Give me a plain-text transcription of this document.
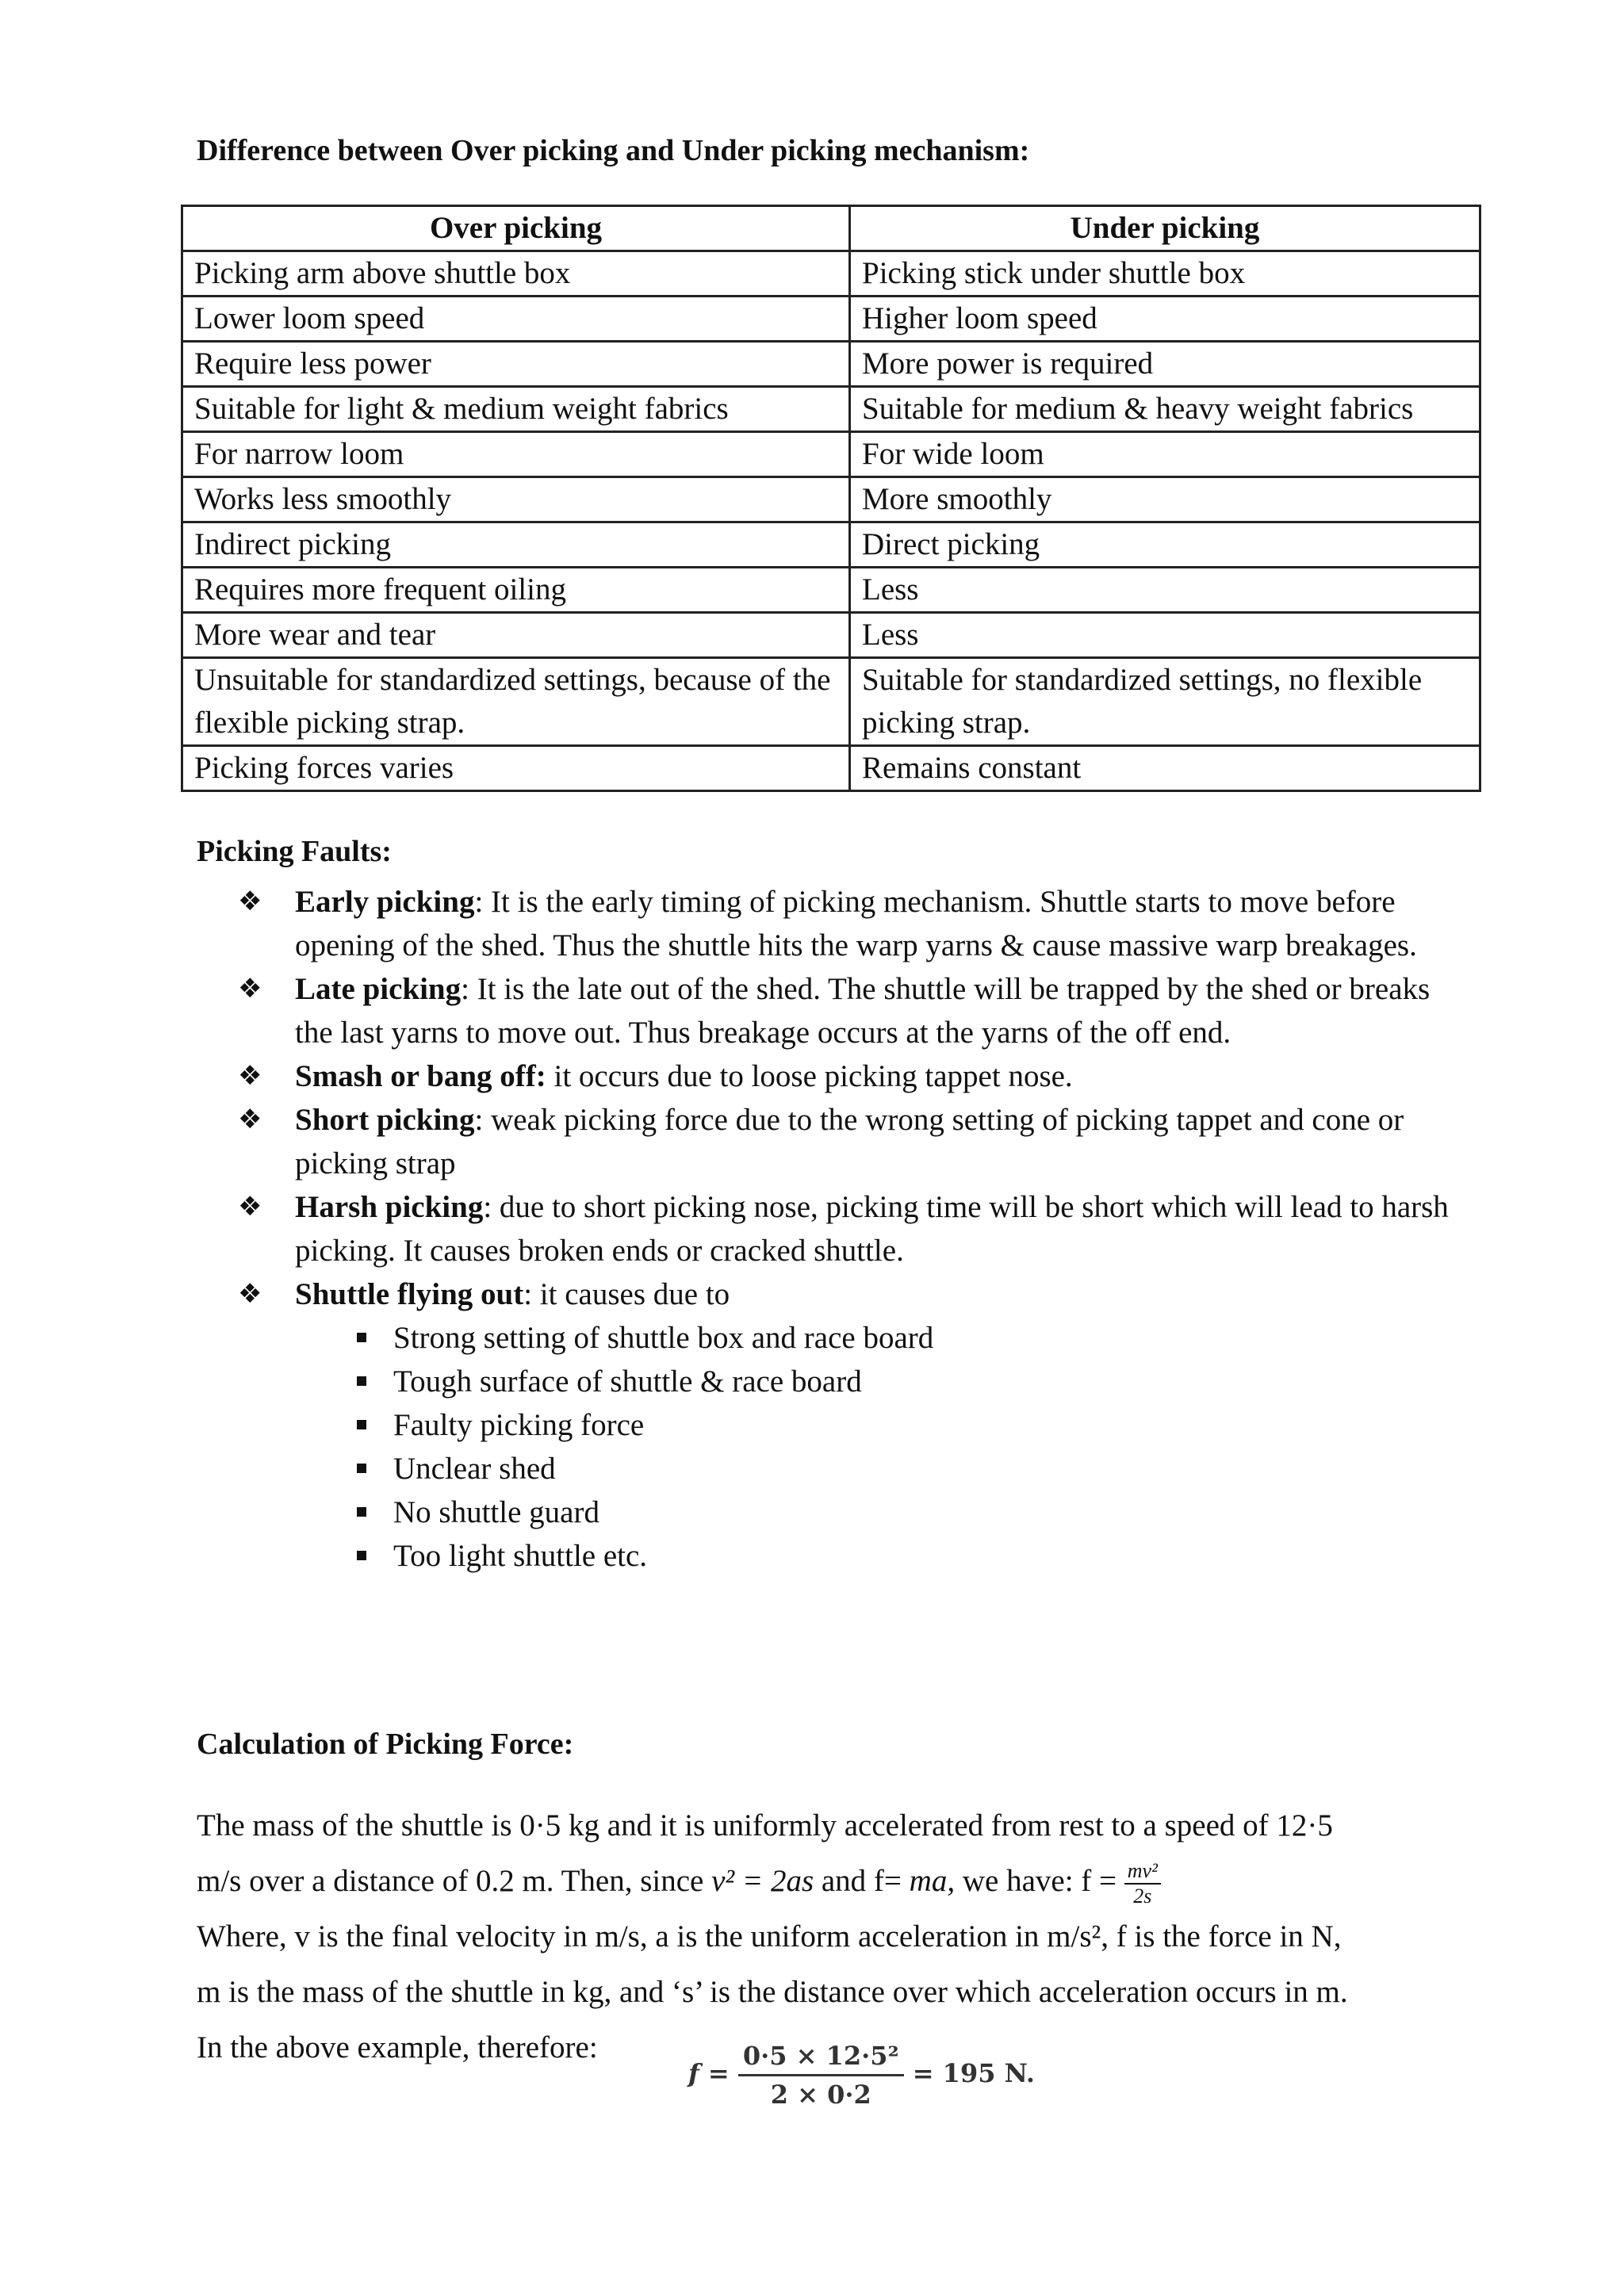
Difference between Over picking and Under picking mechanism:
Over picking	Under picking
Picking arm above shuttle box	Picking stick under shuttle box
Lower loom speed	Higher loom speed
Require less power	More power is required
Suitable for light & medium weight fabrics	Suitable for medium & heavy weight fabrics
For narrow loom	For wide loom
Works less smoothly	More smoothly
Indirect picking	Direct picking
Requires more frequent oiling	Less
More wear and tear	Less
Unsuitable for standardized settings, because of the flexible picking strap.	Suitable for standardized settings, no flexible picking strap.
Picking forces varies	Remains constant
Picking Faults:
❖ Early picking: It is the early timing of picking mechanism. Shuttle starts to move before opening of the shed. Thus the shuttle hits the warp yarns & cause massive warp breakages.
❖ Late picking: It is the late out of the shed. The shuttle will be trapped by the shed or breaks the last yarns to move out. Thus breakage occurs at the yarns of the off end.
❖ Smash or bang off: it occurs due to loose picking tappet nose.
❖ Short picking: weak picking force due to the wrong setting of picking tappet and cone or picking strap
❖ Harsh picking: due to short picking nose, picking time will be short which will lead to harsh picking. It causes broken ends or cracked shuttle.
❖ Shuttle flying out: it causes due to
Strong setting of shuttle box and race board
Tough surface of shuttle & race board
Faulty picking force
Unclear shed
No shuttle guard
Too light shuttle etc.
Calculation of Picking Force:

The mass of the shuttle is 0·5 kg and it is uniformly accelerated from rest to a speed of 12·5

m/s over a distance of 0.2 m. Then, since v² = 2as and f= ma, we have: $f = \frac{\text{mv²}}{2s}$

Where, v is the final velocity in m/s, a is the uniform acceleration in m/s², f is the force in N,

m is the mass of the shuttle in kg, and ‘s’ is the distance over which acceleration occurs in m.

In the above example, therefore:

$f = \frac{\text{0·5 × 12·5²}}{2 \times 0\cdot 2} = 195$ N.
